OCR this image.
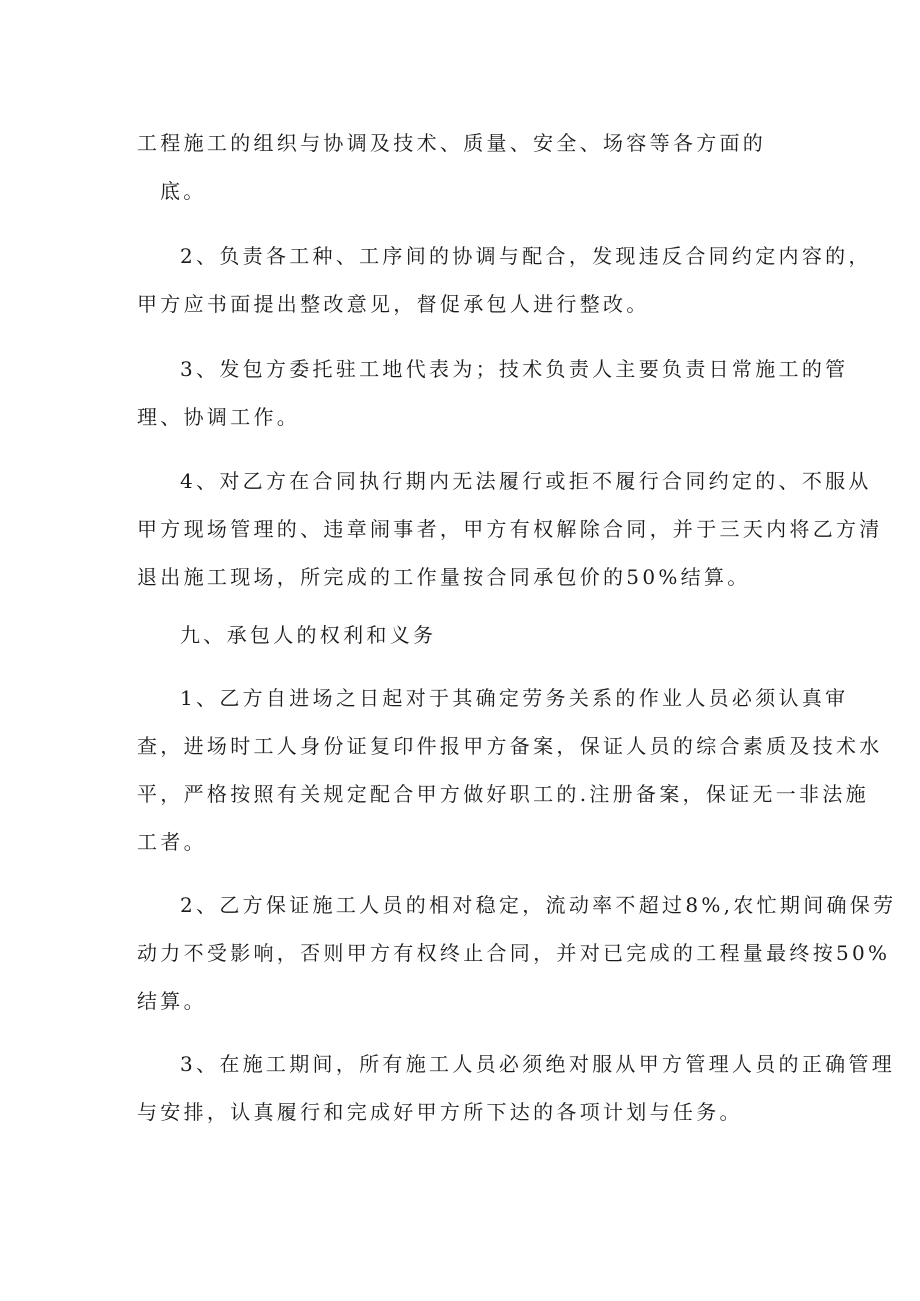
工程施工的组织与协调及技术、质量、安全、场容等各方面的
底。
2、负责各工种、工序间的协调与配合，发现违反合同约定内容的，
甲方应书面提出整改意见，督促承包人进行整改。
3、发包方委托驻工地代表为；技术负责人主要负责日常施工的管
理、协调工作。
4、对乙方在合同执行期内无法履行或拒不履行合同约定的、不服从
甲方现场管理的、违章闹事者，甲方有权解除合同，并于三天内将乙方清
退出施工现场，所完成的工作量按合同承包价的50%结算。
九、承包人的权利和义务
1、乙方自进场之日起对于其确定劳务关系的作业人员必须认真审
查，进场时工人身份证复印件报甲方备案，保证人员的综合素质及技术水
平，严格按照有关规定配合甲方做好职工的.注册备案，保证无一非法施
工者。
2、乙方保证施工人员的相对稳定，流动率不超过8%,农忙期间确保劳
动力不受影响，否则甲方有权终止合同，并对已完成的工程量最终按50%
结算。
3、在施工期间，所有施工人员必须绝对服从甲方管理人员的正确管理
与安排，认真履行和完成好甲方所下达的各项计划与任务。
